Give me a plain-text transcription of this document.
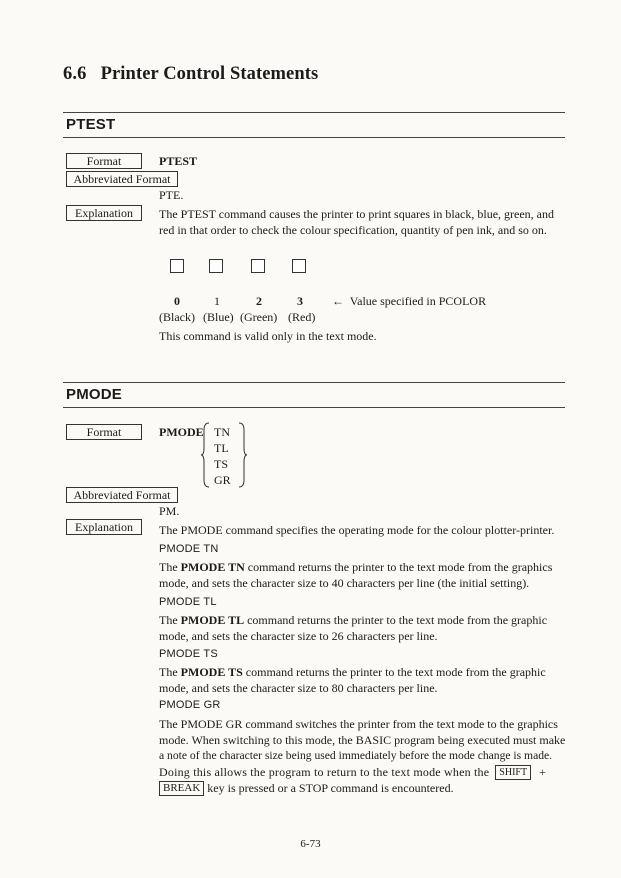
6.6   Printer Control Statements
PTEST
Format	PTEST
Abbreviated Format
PTE.
Explanation The PTEST command causes the printer to print squares in black, blue, green, and
red in that order to check the colour specification, quantity of pen ink, and so on.
0	1	2	3 ←  Value specified in PCOLOR
(Black) (Blue) (Green) (Red)
This command is valid only in the text mode.
PMODE
Format	PMODE TN
TL
TS
GR
Abbreviated Format
PM.
Explanation The PMODE command specifies the operating mode for the colour plotter-printer.
PMODE TN
The PMODE TN command returns the printer to the text mode from the graphics
mode, and sets the character size to 40 characters per line (the initial setting).
PMODE TL
The PMODE TL command returns the printer to the text mode from the graphic
mode, and sets the character size to 26 characters per line.
PMODE TS
The PMODE TS command returns the printer to the text mode from the graphic
mode, and sets the character size to 80 characters per line.
PMODE GR
The PMODE GR command switches the printer from the text mode to the graphics
mode. When switching to this mode, the BASIC program being executed must make
a note of the character size being used immediately before the mode change is made.
Doing this allows the program to return to the text mode when the	SHIFT	+
BREAK key is pressed or a STOP command is encountered.
6-73
